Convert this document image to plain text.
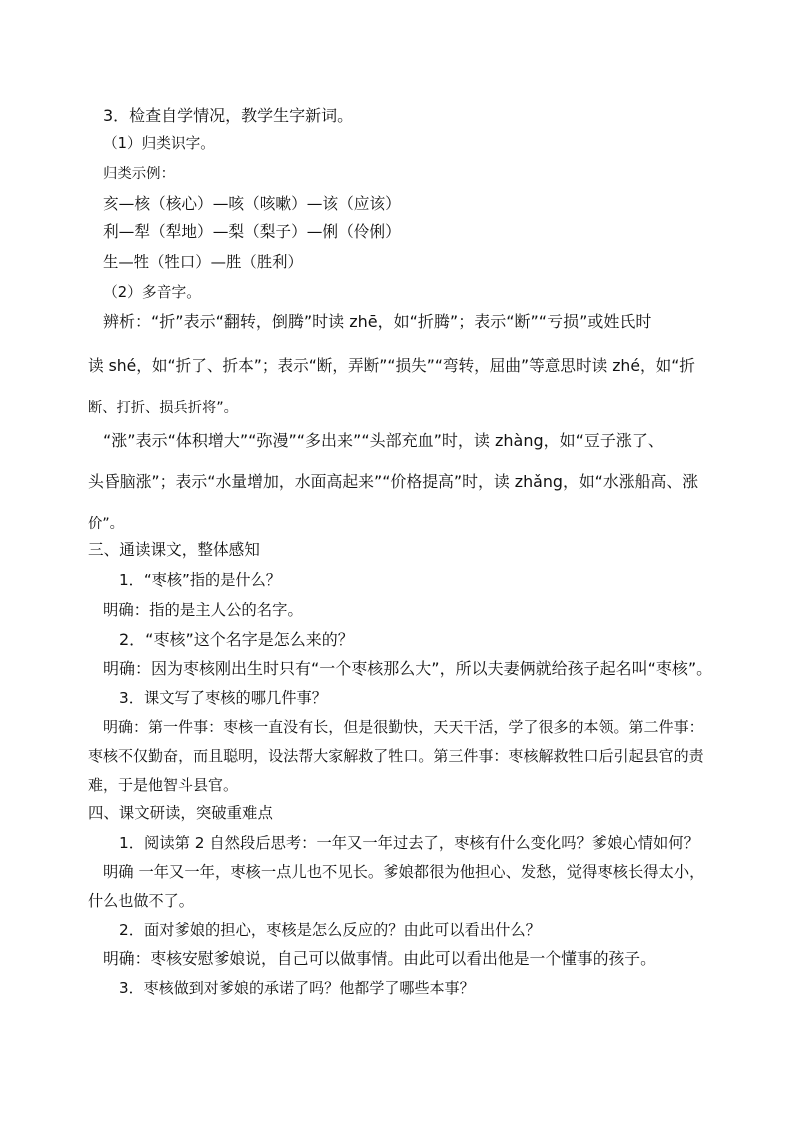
3．检查自学情况，教学生字新词。

（1）归类识字。

归类示例：

亥—核（核心）—咳（咳嗽）—该（应该）

利—犁（犁地）—梨（梨子）—俐（伶俐）

生—牲（牲口）—胜（胜利）

（2）多音字。

辨析：“折”表示“翻转，倒腾”时读 zhē，如“折腾”；表示“断”“亏损”或姓氏时

读 shé，如“折了、折本”；表示“断，弄断”“损失”“弯转，屈曲”等意思时读 zhé，如“折

断、打折、损兵折将”。

“涨”表示“体积增大”“弥漫”“多出来”“头部充血”时，读 zhàng，如“豆子涨了、

头昏脑涨”；表示“水量增加，水面高起来”“价格提高”时，读 zhǎng，如“水涨船高、涨

价”。

三、通读课文，整体感知

1．“枣核”指的是什么？

明确：指的是主人公的名字。

2．“枣核”这个名字是怎么来的？

明确：因为枣核刚出生时只有“一个枣核那么大”，所以夫妻俩就给孩子起名叫“枣核”。

3．课文写了枣核的哪几件事？

明确：第一件事：枣核一直没有长，但是很勤快，天天干活，学了很多的本领。第二件事：

枣核不仅勤奋，而且聪明，设法帮大家解救了牲口。第三件事：枣核解救牲口后引起县官的责

难，于是他智斗县官。

四、课文研读，突破重难点

1．阅读第 2 自然段后思考：一年又一年过去了，枣核有什么变化吗？爹娘心情如何？

明确 一年又一年，枣核一点儿也不见长。爹娘都很为他担心、发愁，觉得枣核长得太小，

什么也做不了。

2．面对爹娘的担心，枣核是怎么反应的？由此可以看出什么？

明确：枣核安慰爹娘说，自己可以做事情。由此可以看出他是一个懂事的孩子。

3．枣核做到对爹娘的承诺了吗？他都学了哪些本事？
